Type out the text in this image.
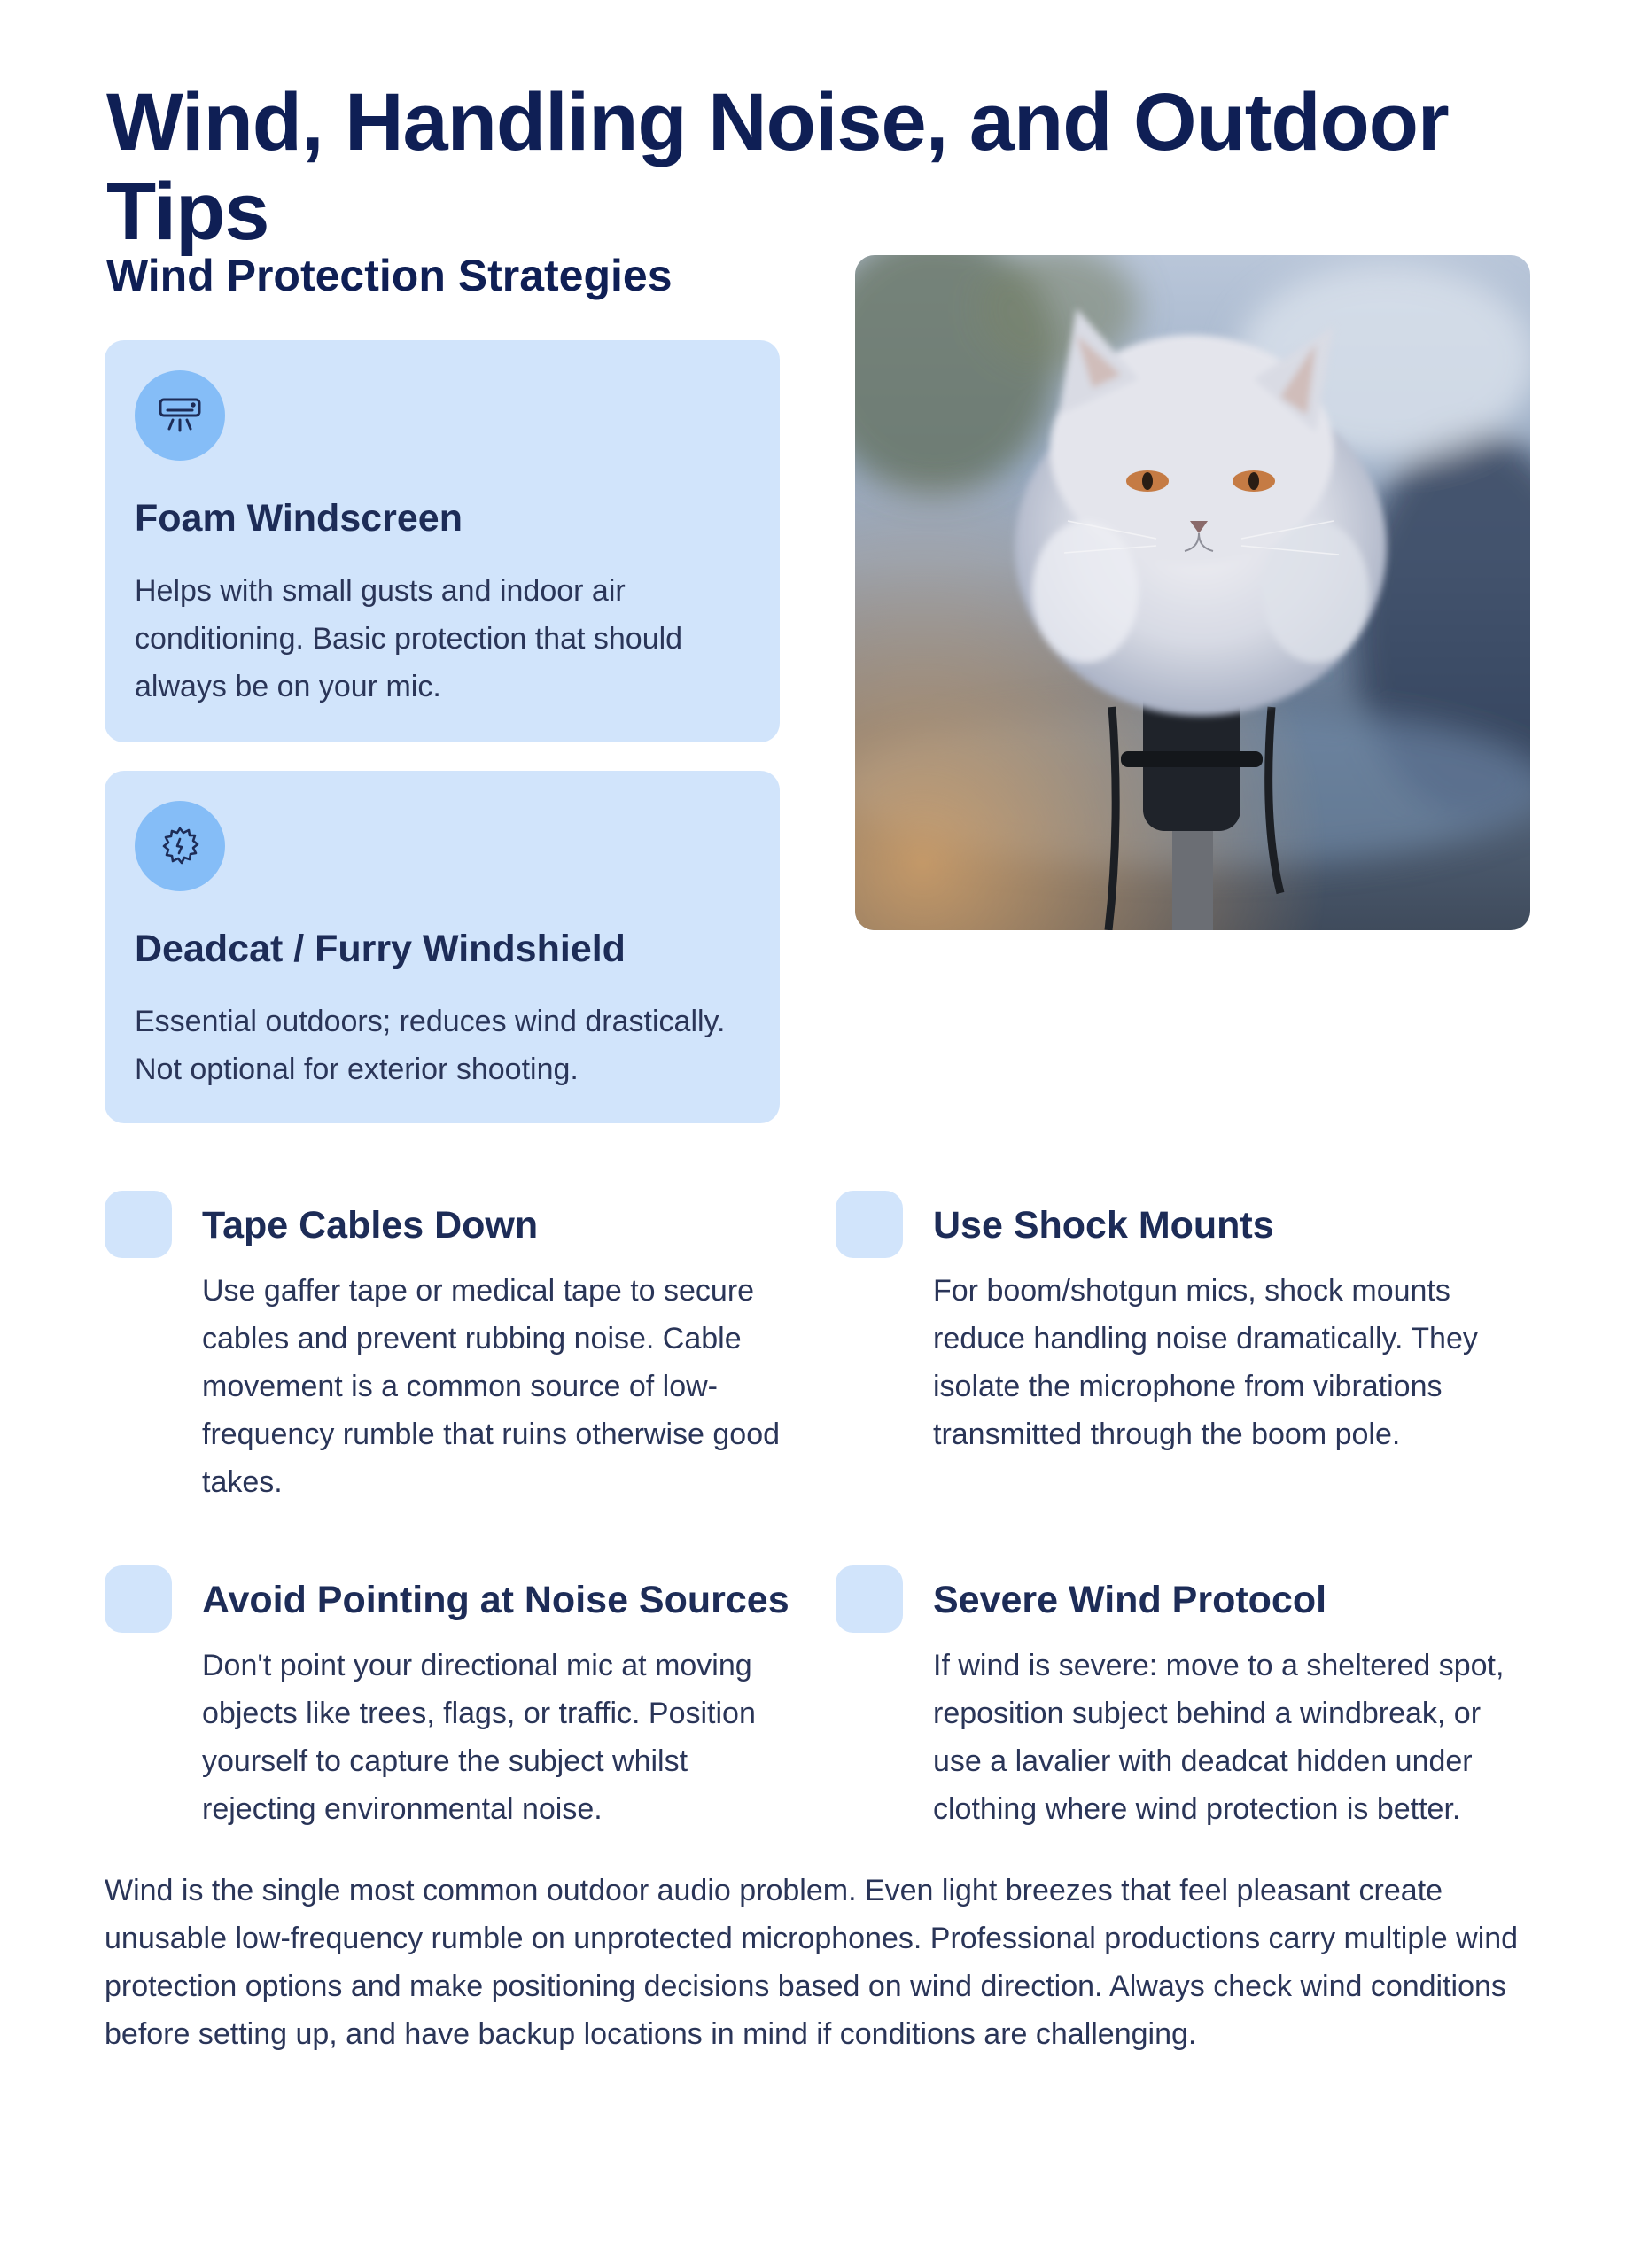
Wind, Handling Noise, and Outdoor Tips
Wind Protection Strategies
Foam Windscreen
Helps with small gusts and indoor air conditioning. Basic protection that should always be on your mic.
Deadcat / Furry Windshield
Essential outdoors; reduces wind drastically. Not optional for exterior shooting.
Tape Cables Down
Use gaffer tape or medical tape to secure cables and prevent rubbing noise. Cable movement is a common source of low-frequency rumble that ruins otherwise good takes.
Use Shock Mounts
For boom/shotgun mics, shock mounts reduce handling noise dramatically. They isolate the microphone from vibrations transmitted through the boom pole.
Avoid Pointing at Noise Sources
Don't point your directional mic at moving objects like trees, flags, or traffic. Position yourself to capture the subject whilst rejecting environmental noise.
Severe Wind Protocol
If wind is severe: move to a sheltered spot, reposition subject behind a windbreak, or use a lavalier with deadcat hidden under clothing where wind protection is better.

Wind is the single most common outdoor audio problem. Even light breezes that feel pleasant create unusable low-frequency rumble on unprotected microphones. Professional productions carry multiple wind protection options and make positioning decisions based on wind direction. Always check wind conditions before setting up, and have backup locations in mind if conditions are challenging.
